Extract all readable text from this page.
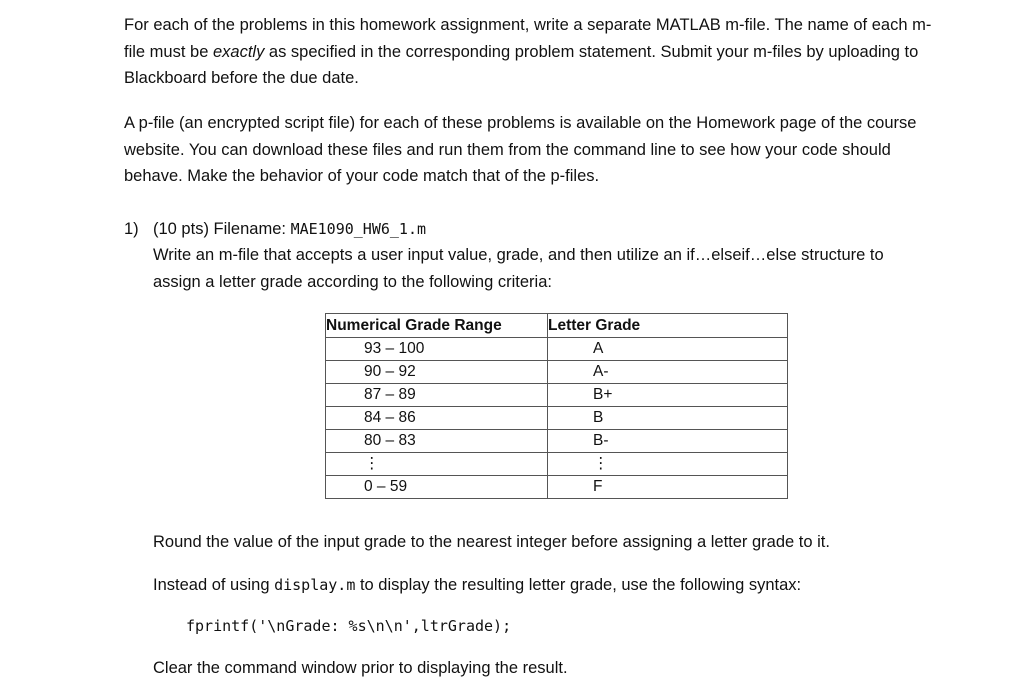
For each of the problems in this homework assignment, write a separate MATLAB m-file. The name of each m-file must be exactly as specified in the corresponding problem statement. Submit your m-files by uploading to Blackboard before the due date.

A p-file (an encrypted script file) for each of these problems is available on the Homework page of the course website. You can download these files and run them from the command line to see how your code should behave. Make the behavior of your code match that of the p-files.

1) (10 pts) Filename: MAE1090_HW6_1.m

Write an m-file that accepts a user input value, grade, and then utilize an if…elseif…else structure to assign a letter grade according to the following criteria:

Numerical Grade Range	Letter Grade
93 – 100	A
90 – 92	A-
87 – 89	B+
84 – 86	B
80 – 83	B-
⋮	⋮
0 – 59	F
Round the value of the input grade to the nearest integer before assigning a letter grade to it.
Instead of using display.m to display the resulting letter grade, use the following syntax:
fprintf('\nGrade: %s\n\n',ltrGrade);
Clear the command window prior to displaying the result.
